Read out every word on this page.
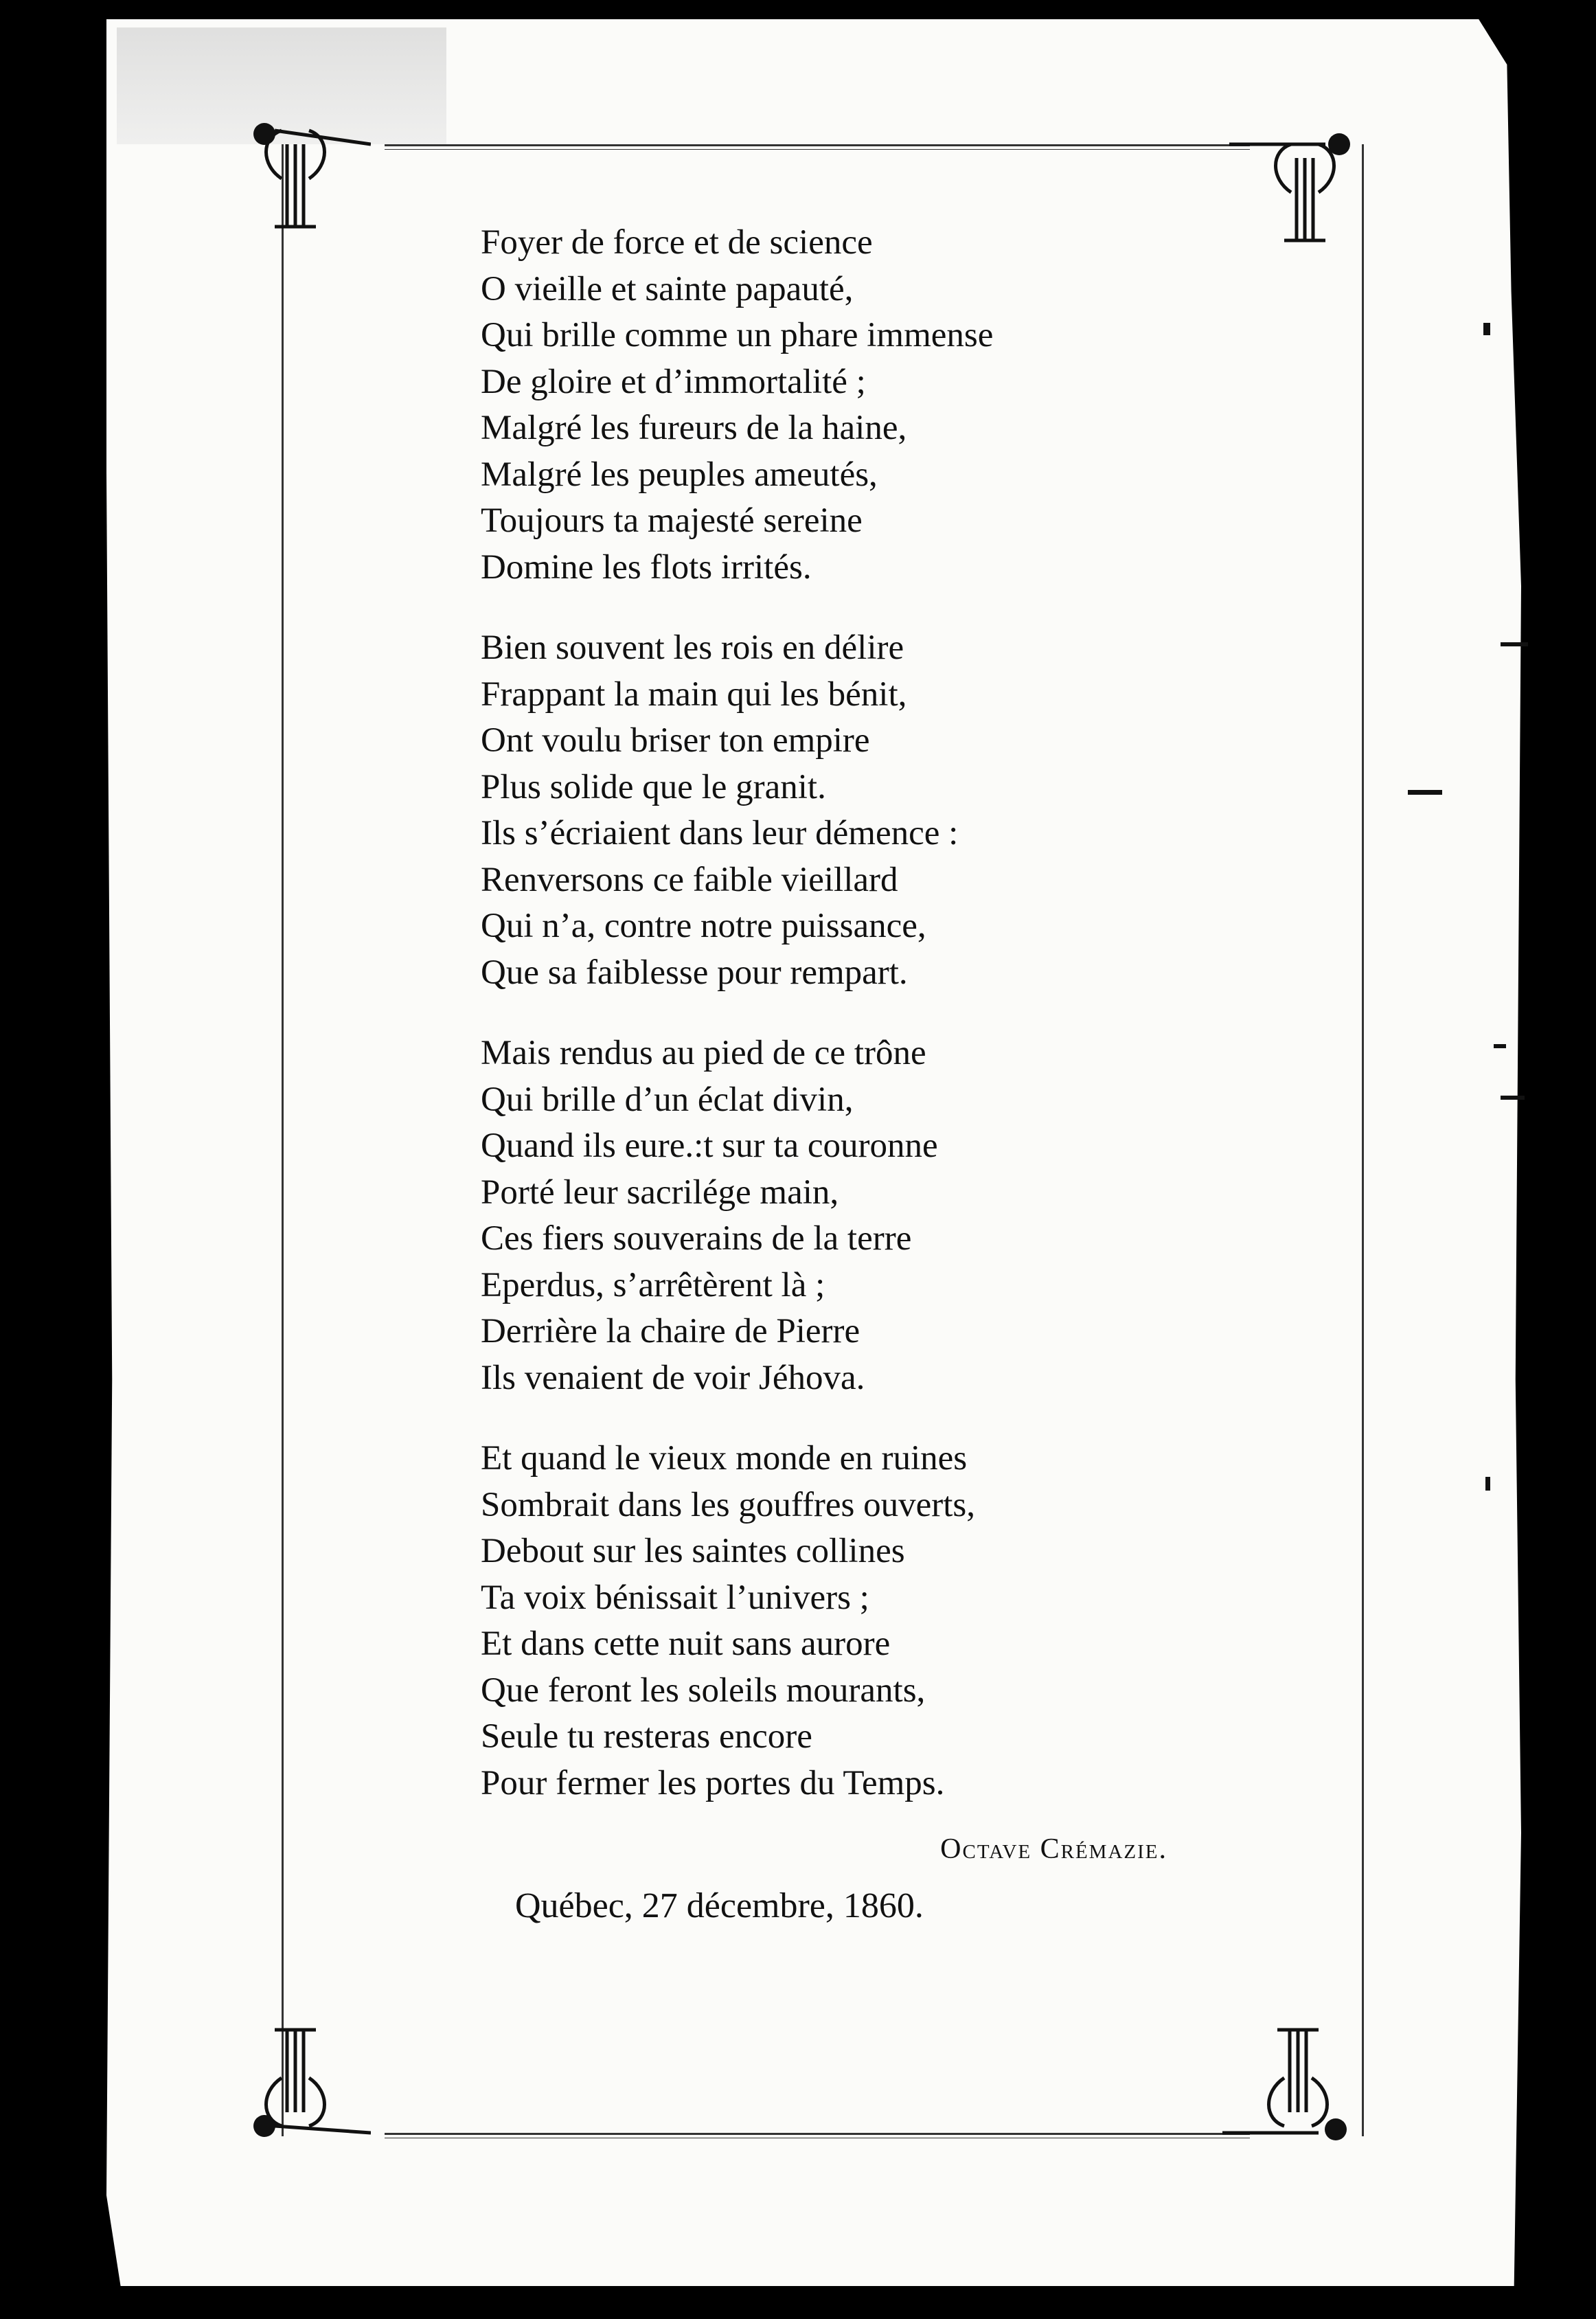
Foyer de force et de science
O vieille et sainte papauté,
Qui brille comme un phare immense
De gloire et d’immortalité ;
Malgré les fureurs de la haine,
Malgré les peuples ameutés,
Toujours ta majesté sereine
Domine les flots irrités.
Bien souvent les rois en délire
Frappant la main qui les bénit,
Ont voulu briser ton empire
Plus solide que le granit.
Ils s’écriaient dans leur démence :
Renversons ce faible vieillard
Qui n’a, contre notre puissance,
Que sa faiblesse pour rempart.
Mais rendus au pied de ce trône
Qui brille d’un éclat divin,
Quand ils eure.:t sur ta couronne
Porté leur sacrilége main,
Ces fiers souverains de la terre
Eperdus, s’arrêtèrent là ;
Derrière la chaire de Pierre
Ils venaient de voir Jéhova.
Et quand le vieux monde en ruines
Sombrait dans les gouffres ouverts,
Debout sur les saintes collines
Ta voix bénissait l’univers ;
Et dans cette nuit sans aurore
Que feront les soleils mourants,
Seule tu resteras encore
Pour fermer les portes du Temps.
Octave Crémazie.
Québec, 27 décembre, 1860.
